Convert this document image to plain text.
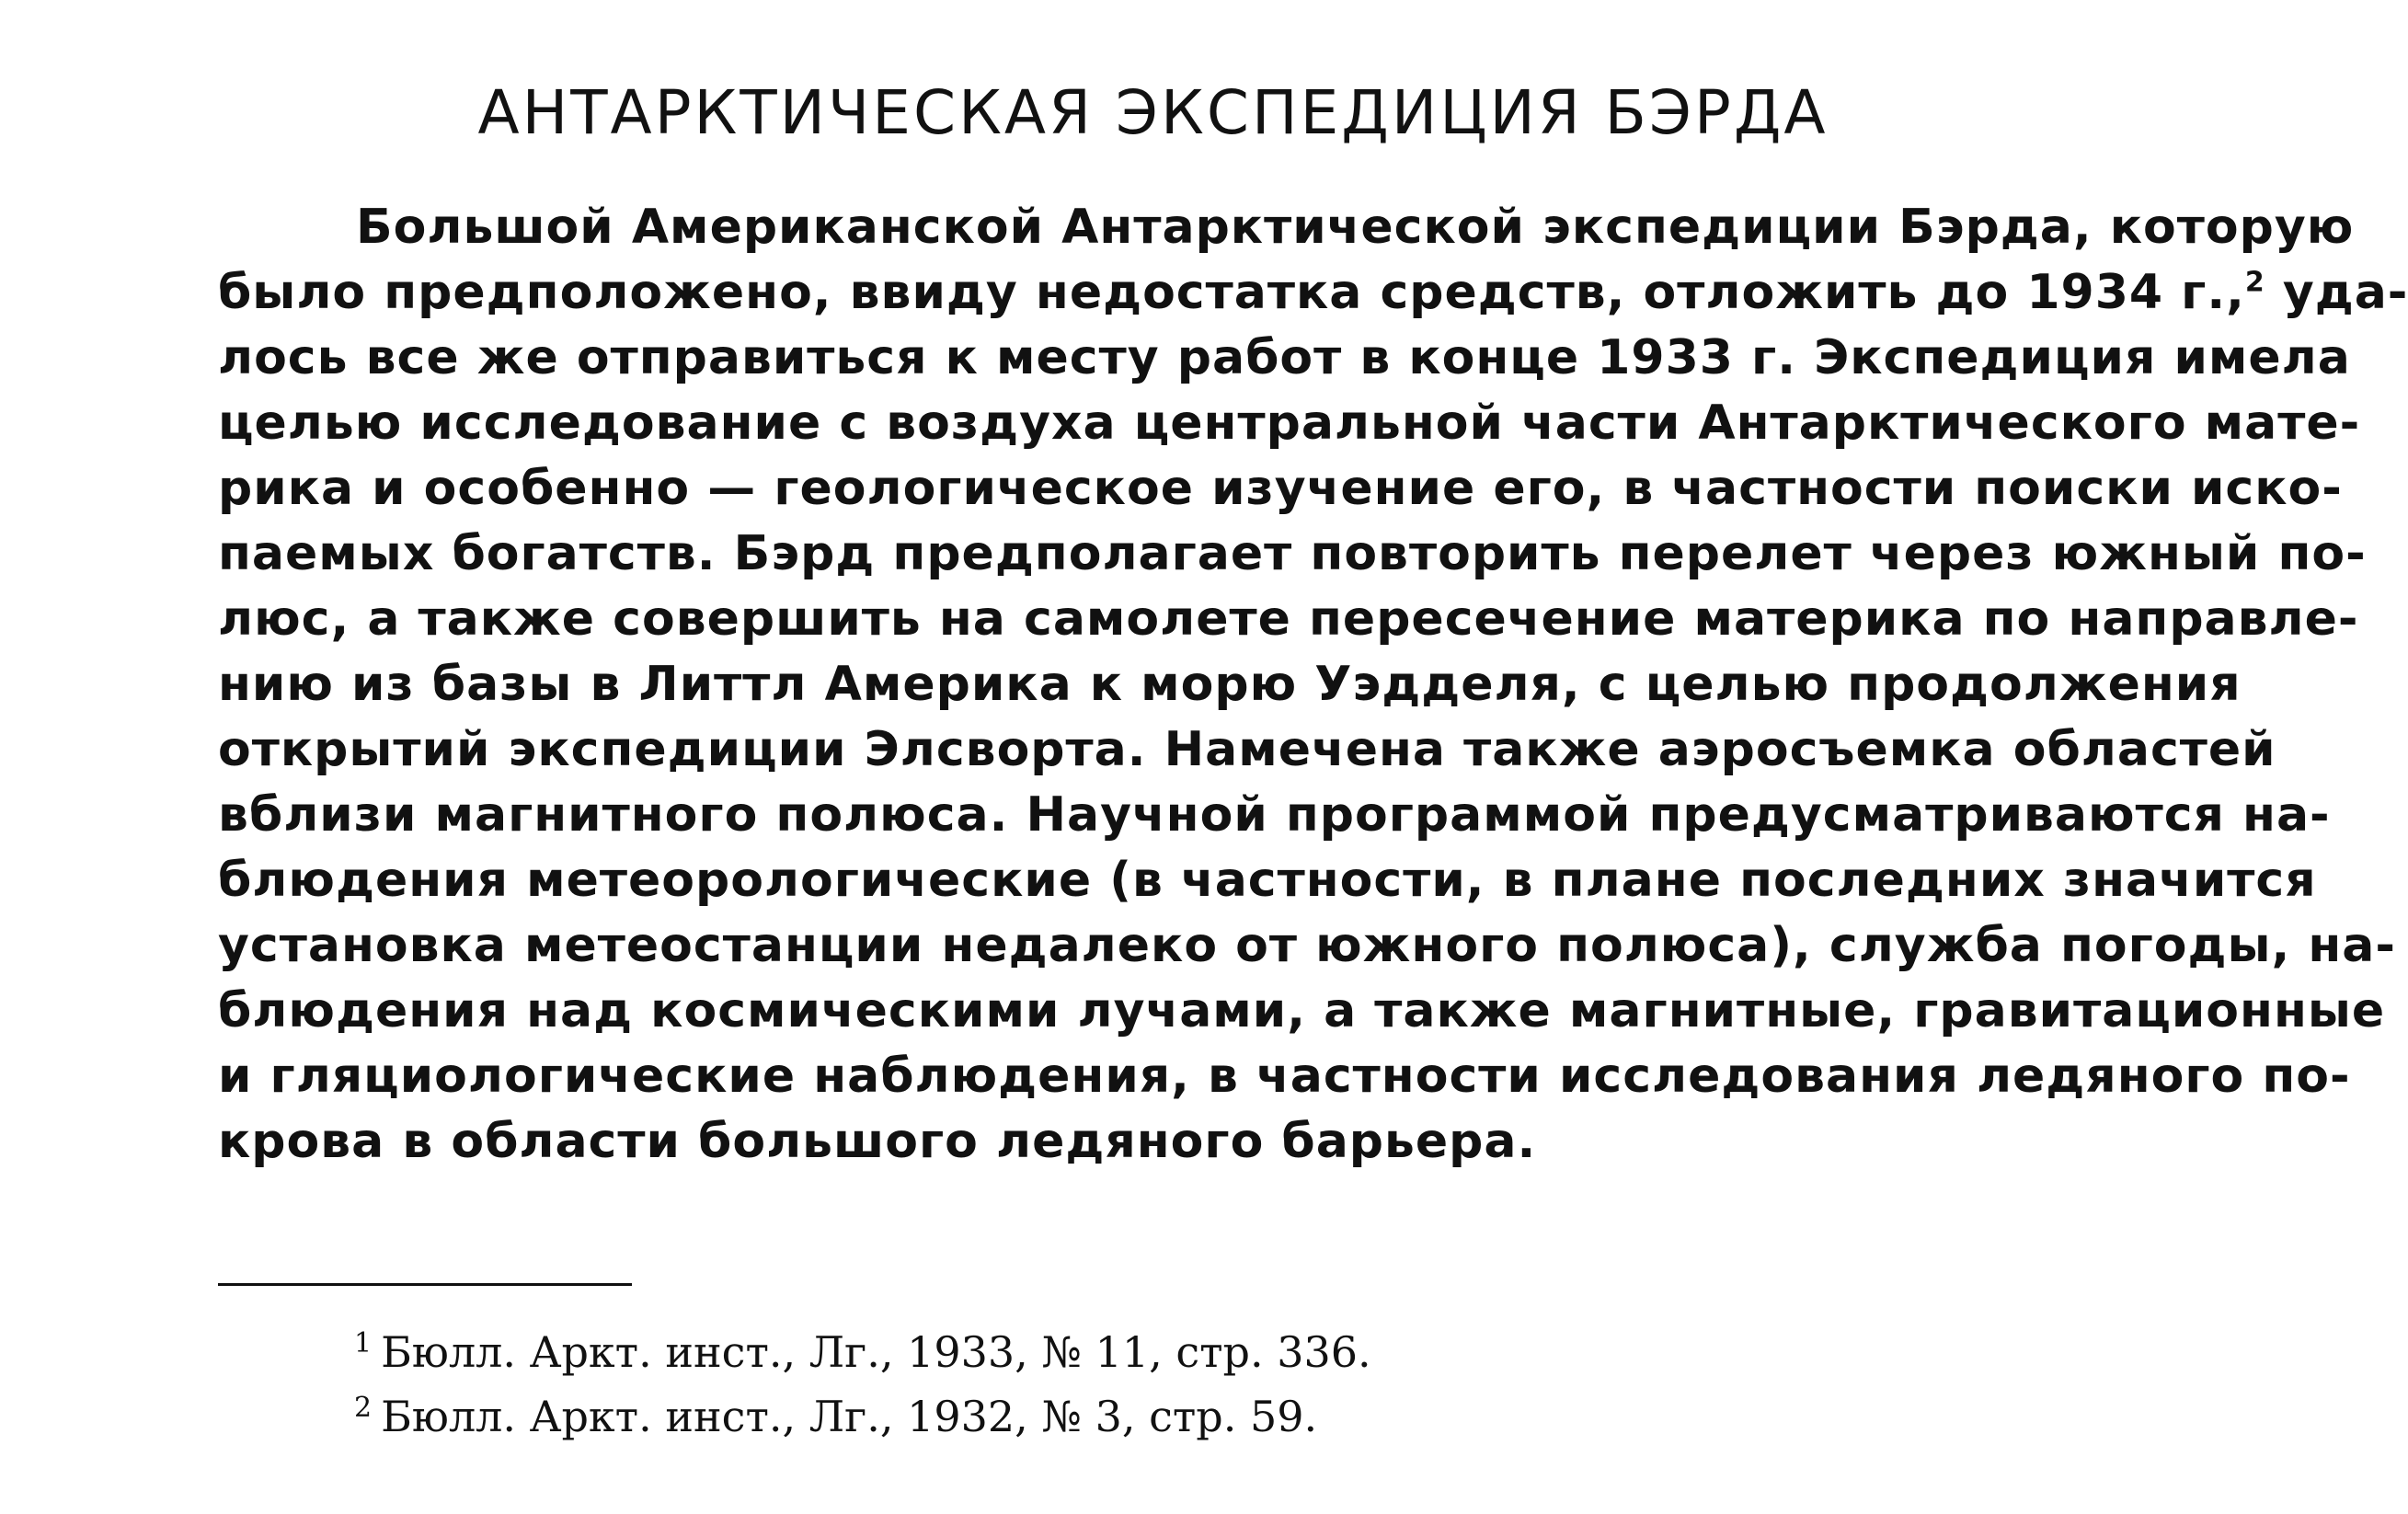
АНТАРКТИЧЕСКАЯ ЭКСПЕДИЦИЯ БЭРДА
Большой Американской Антарктической экспедиции Бэрда, которую
было предположено, ввиду недостатка средств, отложить до 1934 г.,$^2$ уда-
лось все же отправиться к месту работ в конце 1933 г. Экспедиция имела
целью исследование с воздуха центральной части Антарктического мате-
рика и особенно — геологическое изучение его, в частности поиски иско-
паемых богатств. Бэрд предполагает повторить перелет через южный по-
люс, а также совершить на самолете пересечение материка по направле-
нию из базы в Литтл Америка к морю Уэдделя, с целью продолжения
открытий экспедиции Элсворта. Намечена также аэросъемка областей
вблизи магнитного полюса. Научной программой предусматриваются на-
блюдения метеорологические (в частности, в плане последних значится
установка метеостанции недалеко от южного полюса), служба погоды, на-
блюдения над космическими лучами, а также магнитные, гравитационные
и гляциологические наблюдения, в частности исследования ледяного по-
крова в области большого ледяного барьера.
$^1$ Бюлл. Аркт. инст., Лг., 1933, № 11, стр. 336.
$^2$ Бюлл. Аркт. инст., Лг., 1932, № 3, стр. 59.
